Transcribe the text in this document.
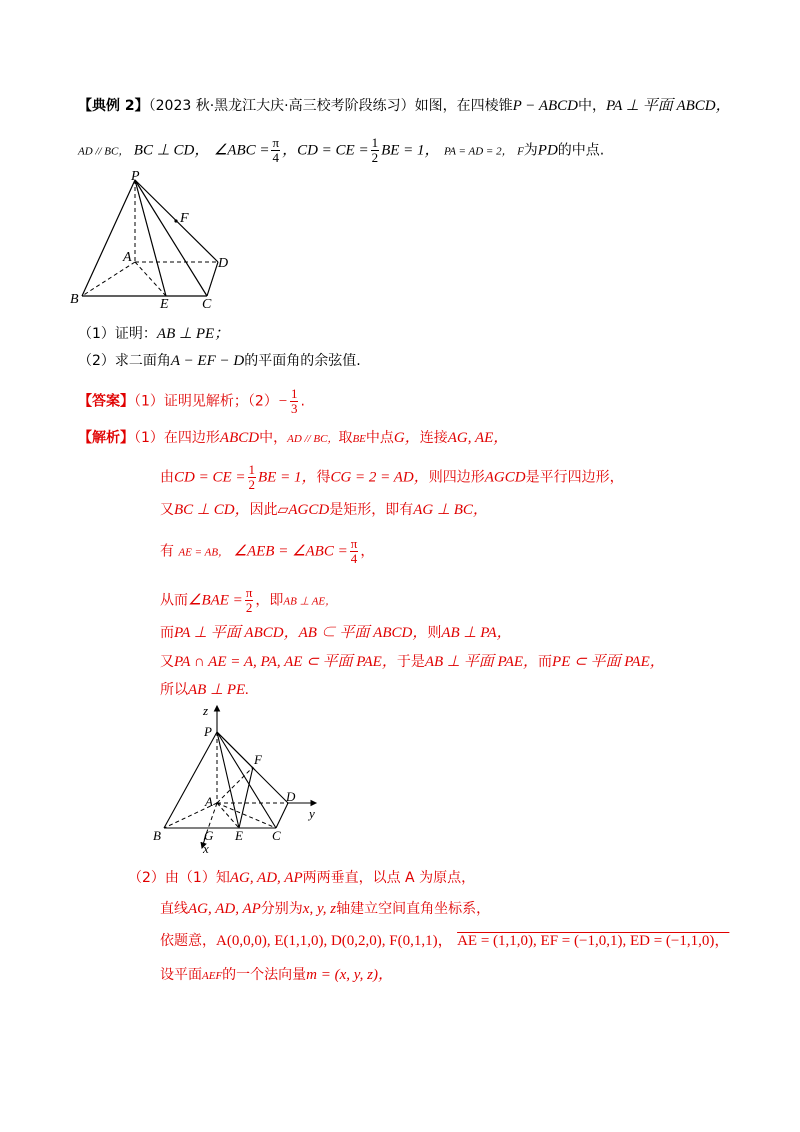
【典例 2】（2023 秋·黑龙江大庆·高三校考阶段练习）如图，在四棱锥P − ABCD中，PA ⊥ 平面 ABCD，
AD // BC， BC ⊥ CD， ∠ABC = $\frac{\pi}{4}$ ，CD = CE = $\frac{1}{2}$ BE = 1， PA = AD = 2， F为PD的中点.
P
F
A	D
B	E C
（1）证明：AB ⊥ PE；
（2）求二面角A − EF − D的平面角的余弦值.
【答案】（1）证明见解析；$(2)- \frac{1}{3}$ .
【解析】（1）在四边形ABCD中，AD // BC，取BE中点G，连接AG, AE，
由CD = CE = $\frac{1}{2}$ BE = 1，得CG = 2 = AD，则四边形AGCD是平行四边形，
又BC ⊥ CD，因此▱AGCD是矩形，即有AG ⊥ BC，
有 AE = AB， ∠AEB = ∠ABC = $\frac{\pi}{4}$ ，
从而∠BAE = $\frac{\pi}{2}$ ，即AB ⊥ AE，
而PA ⊥ 平面 ABCD，AB ⊂ 平面 ABCD，则AB ⊥ PA，
又PA ∩ AE = A, PA, AE ⊂ 平面 PAE，于是AB ⊥ 平面 PAE，而PE ⊂ 平面 PAE，
所以AB ⊥ PE.
z
P
F
A	D
y
B	G E C
x
（2）由（1）知AG, AD, AP两两垂直，以点 A 为原点，
直线AG, AD, AP分别为x, y, z轴建立空间直角坐标系，
依题意，A(0,0,0), E(1,1,0), D(0,2,0), F(0,1,1)， AE = (1,1,0), EF = (−1,0,1), ED = (−1,1,0)，
设平面AEF的一个法向量m = (x, y, z)，
